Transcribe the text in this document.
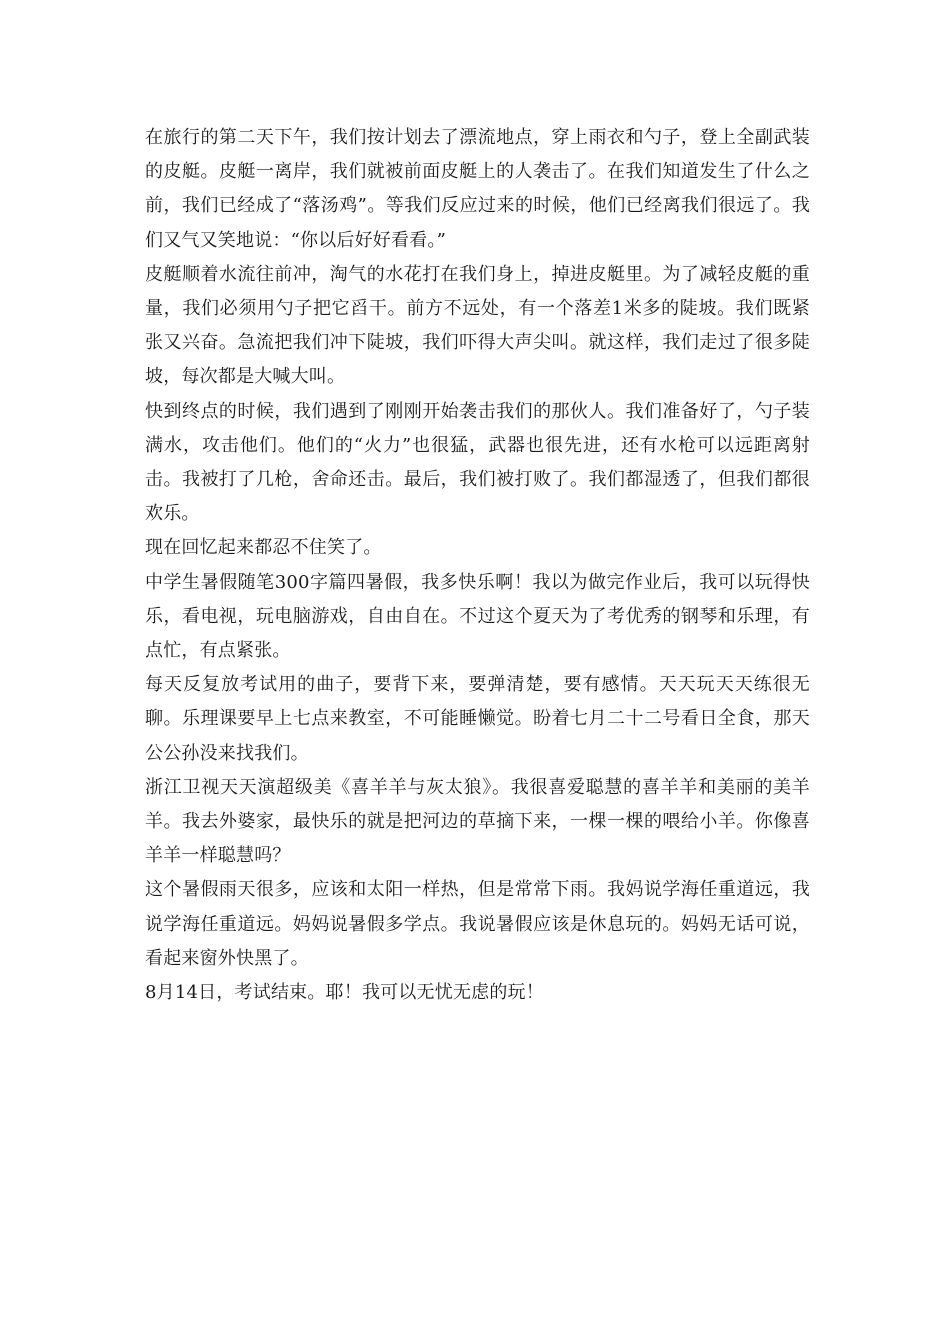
在旅行的第二天下午，我们按计划去了漂流地点，穿上雨衣和勺子，登上全副武装的皮艇。皮艇一离岸，我们就被前面皮艇上的人袭击了。在我们知道发生了什么之前，我们已经成了“落汤鸡”。等我们反应过来的时候，他们已经离我们很远了。我们又气又笑地说：“你以后好好看看。”

皮艇顺着水流往前冲，淘气的水花打在我们身上，掉进皮艇里。为了减轻皮艇的重量，我们必须用勺子把它舀干。前方不远处，有一个落差1米多的陡坡。我们既紧张又兴奋。急流把我们冲下陡坡，我们吓得大声尖叫。就这样，我们走过了很多陡坡，每次都是大喊大叫。

快到终点的时候，我们遇到了刚刚开始袭击我们的那伙人。我们准备好了，勺子装满水，攻击他们。他们的“火力”也很猛，武器也很先进，还有水枪可以远距离射击。我被打了几枪，舍命还击。最后，我们被打败了。我们都湿透了，但我们都很欢乐。

现在回忆起来都忍不住笑了。

中学生暑假随笔300字篇四暑假，我多快乐啊！我以为做完作业后，我可以玩得快乐，看电视，玩电脑游戏，自由自在。不过这个夏天为了考优秀的钢琴和乐理，有点忙，有点紧张。

每天反复放考试用的曲子，要背下来，要弹清楚，要有感情。天天玩天天练很无聊。乐理课要早上七点来教室，不可能睡懒觉。盼着七月二十二号看日全食，那天公公孙没来找我们。

浙江卫视天天演超级美《喜羊羊与灰太狼》。我很喜爱聪慧的喜羊羊和美丽的美羊羊。我去外婆家，最快乐的就是把河边的草摘下来，一棵一棵的喂给小羊。你像喜羊羊一样聪慧吗？

这个暑假雨天很多，应该和太阳一样热，但是常常下雨。我妈说学海任重道远，我说学海任重道远。妈妈说暑假多学点。我说暑假应该是休息玩的。妈妈无话可说，看起来窗外快黑了。

8月14日，考试结束。耶！我可以无忧无虑的玩！
